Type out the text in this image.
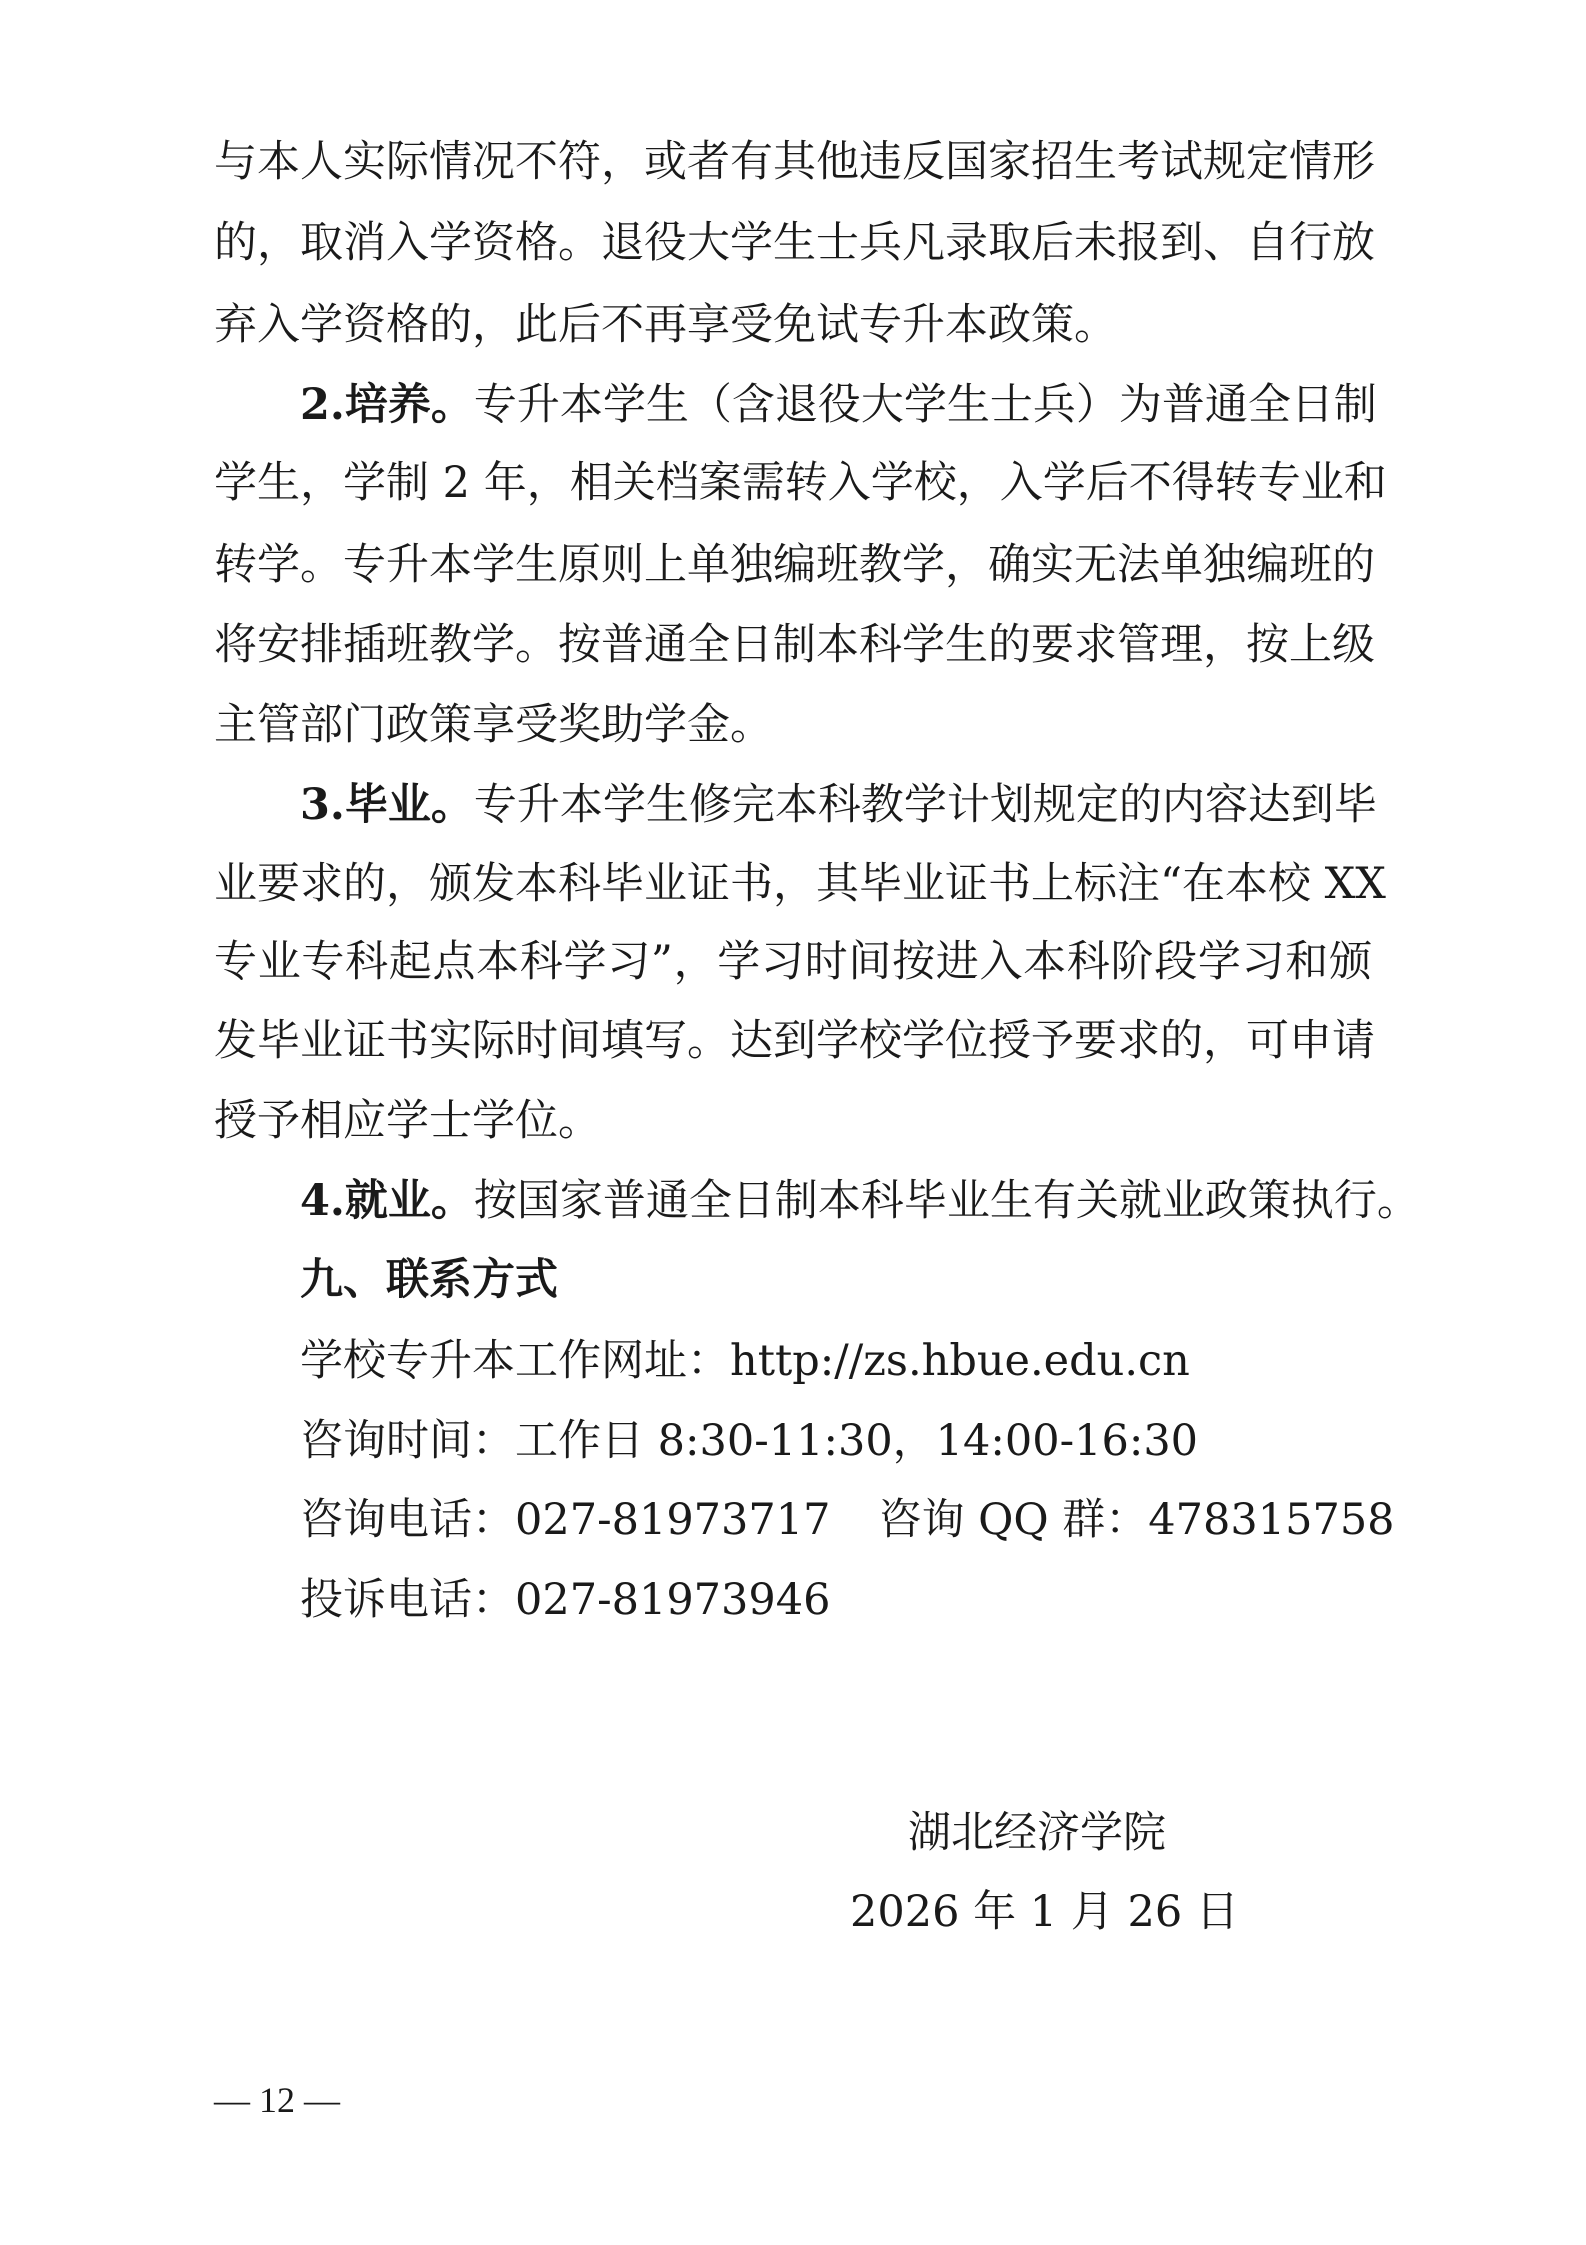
与本人实际情况不符，或者有其他违反国家招生考试规定情形
的，取消入学资格。退役大学生士兵凡录取后未报到、自行放
弃入学资格的，此后不再享受免试专升本政策。
2.培养。 专升本学生（含退役大学生士兵）为普通全日制
学生，学制 2 年，相关档案需转入学校，入学后不得转专业和
转学。专升本学生原则上单独编班教学，确实无法单独编班的
将安排插班教学。按普通全日制本科学生的要求管理，按上级
主管部门政策享受奖助学金。
3.毕业。 专升本学生修完本科教学计划规定的内容达到毕
业要求的，颁发本科毕业证书，其毕业证书上标注“在本校 XX
专业专科起点本科学习”，学习时间按进入本科阶段学习和颁
发毕业证书实际时间填写。达到学校学位授予要求的，可申请
授予相应学士学位。
4.就业。 按国家普通全日制本科毕业生有关就业政策执行。
九、联系方式
学校专升本工作网址：http://zs.hbue.edu.cn
咨询时间：工作日 8:30-11:30，14:00-16:30
咨询电话：027-81973717 咨询 QQ 群：478315758
投诉电话：027-81973946
湖北经济学院
2026 年 1 月 26 日
— 12 —
